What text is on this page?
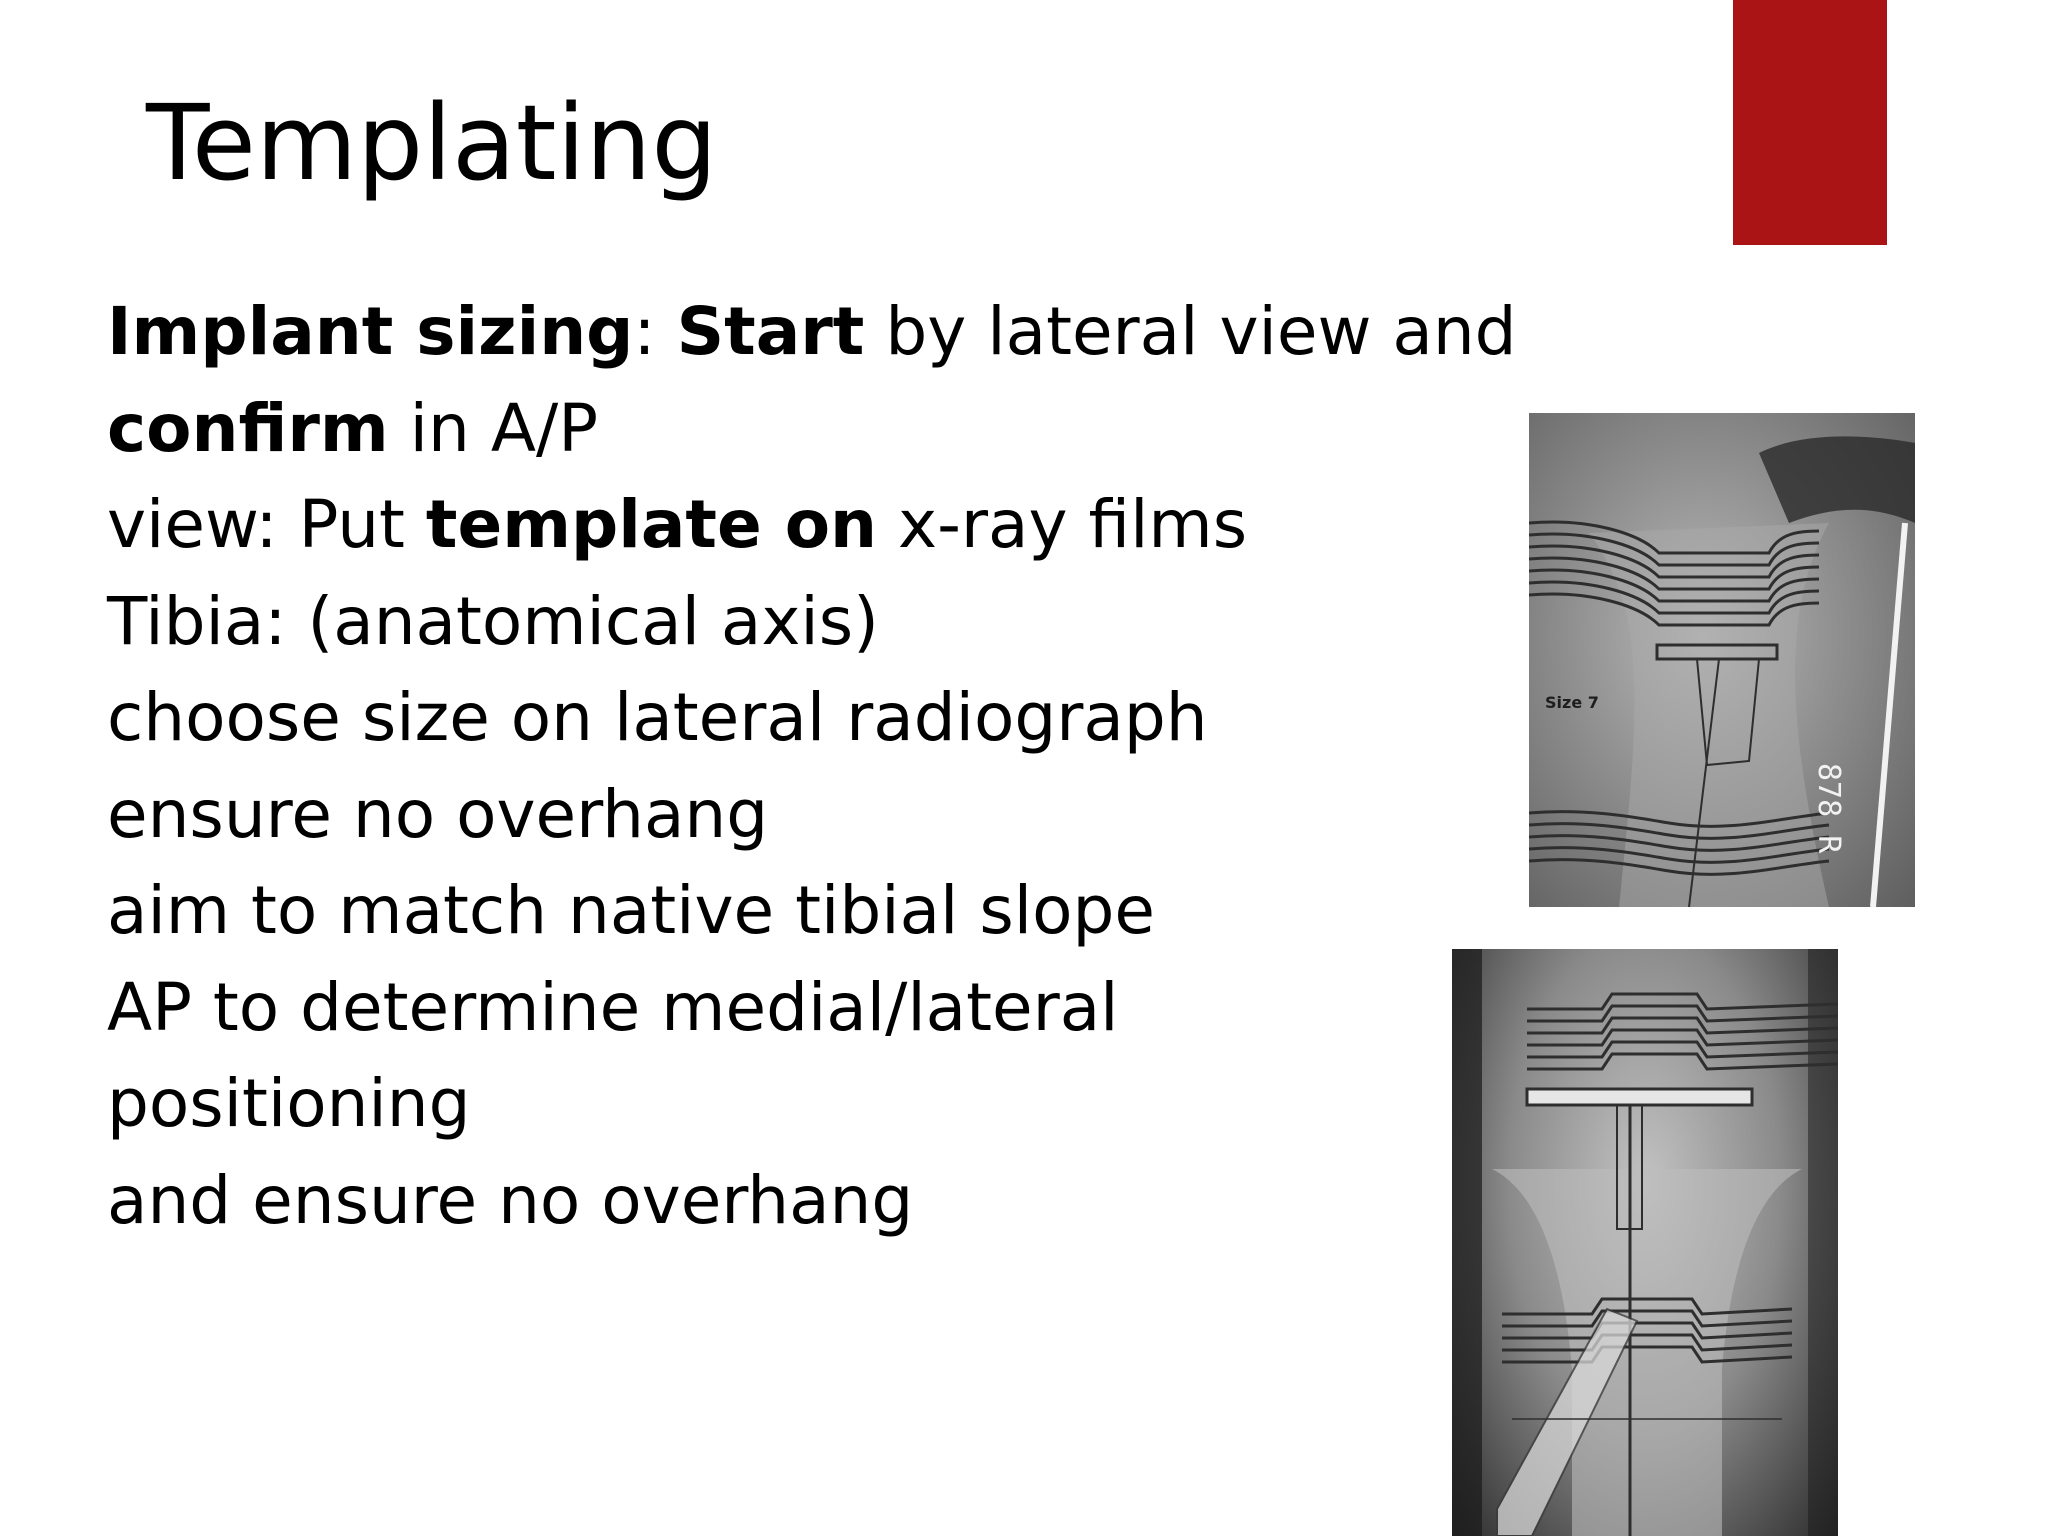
Templating
Implant sizing: Start by lateral view and
confirm in A/P
view: Put template on x-ray films
Tibia: (anatomical axis)
choose size on lateral radiograph
ensure no overhang
aim to match native tibial slope
AP to determine medial/lateral
positioning
and ensure no overhang
Size 7
878 R
